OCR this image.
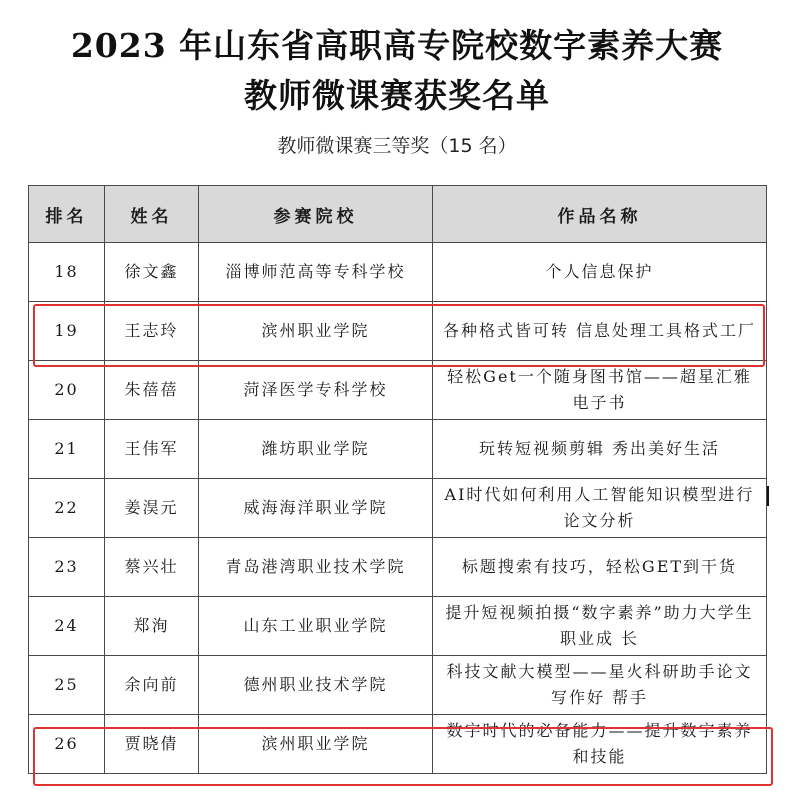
2023 年山东省高职高专院校数字素养大赛
教师微课赛获奖名单
教师微课赛三等奖（15 名）
排名	姓名	参赛院校	作品名称
18	徐文鑫	淄博师范高等专科学校	个人信息保护
19	王志玲	滨州职业学院	各种格式皆可转 信息处理工具格式工厂
20	朱蓓蓓	菏泽医学专科学校	轻松Get一个随身图书馆——超星汇雅电子书
21	王伟军	潍坊职业学院	玩转短视频剪辑 秀出美好生活
22	姜淏元	威海海洋职业学院	AI时代如何利用人工智能知识模型进行论文分析
23	蔡兴壮	青岛港湾职业技术学院	标题搜索有技巧，轻松GET到干货
24	郑洵	山东工业职业学院	提升短视频拍摄“数字素养”助力大学生职业成 长
25	余向前	德州职业技术学院	科技文献大模型——星火科研助手论文写作好 帮手
26	贾晓倩	滨州职业学院	数字时代的必备能力——提升数字素养和技能
